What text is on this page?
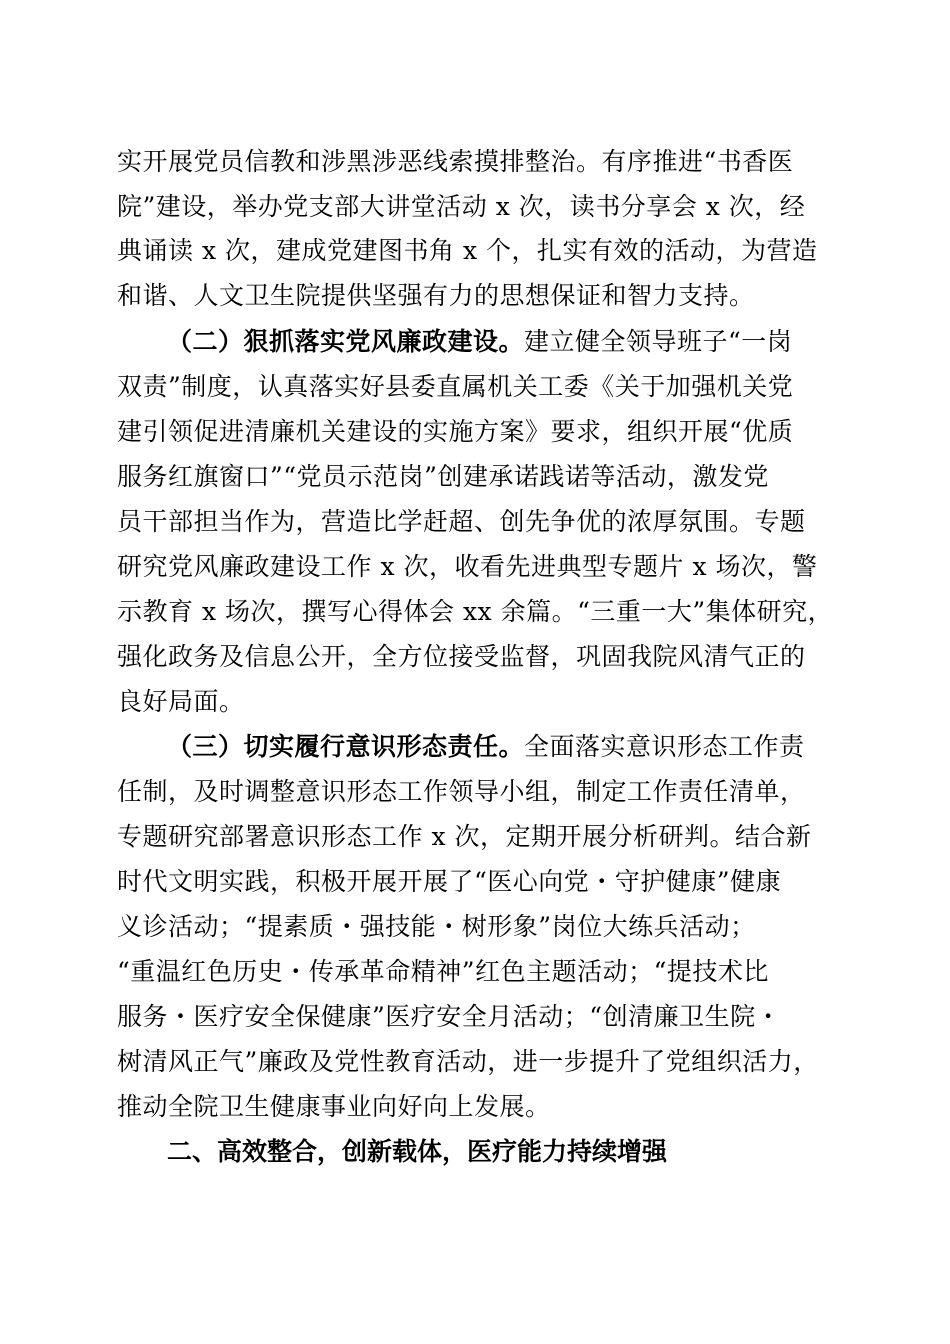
实开展党员信教和涉黑涉恶线索摸排整治。有序推进“书香医
院”建设，举办党支部大讲堂活动 x 次，读书分享会 x 次，经
典诵读 x 次，建成党建图书角 x 个，扎实有效的活动，为营造
和谐、人文卫生院提供坚强有力的思想保证和智力支持。
（二）狠抓落实党风廉政建设。建立健全领导班子“一岗
双责”制度，认真落实好县委直属机关工委《关于加强机关党
建引领促进清廉机关建设的实施方案》要求，组织开展“优质
服务红旗窗口”“党员示范岗”创建承诺践诺等活动，激发党
员干部担当作为，营造比学赶超、创先争优的浓厚氛围。专题
研究党风廉政建设工作 x 次，收看先进典型专题片 x 场次，警
示教育 x 场次，撰写心得体会 xx 余篇。“三重一大”集体研究，
强化政务及信息公开，全方位接受监督，巩固我院风清气正的
良好局面。
（三）切实履行意识形态责任。全面落实意识形态工作责
任制，及时调整意识形态工作领导小组，制定工作责任清单，
专题研究部署意识形态工作 x 次，定期开展分析研判。结合新
时代文明实践，积极开展开展了“医心向党・守护健康”健康
义诊活动；“提素质・强技能・树形象”岗位大练兵活动；
“重温红色历史・传承革命精神”红色主题活动；“提技术比
服务・医疗安全保健康”医疗安全月活动；“创清廉卫生院・
树清风正气”廉政及党性教育活动，进一步提升了党组织活力，
推动全院卫生健康事业向好向上发展。
二、高效整合，创新载体，医疗能力持续增强
